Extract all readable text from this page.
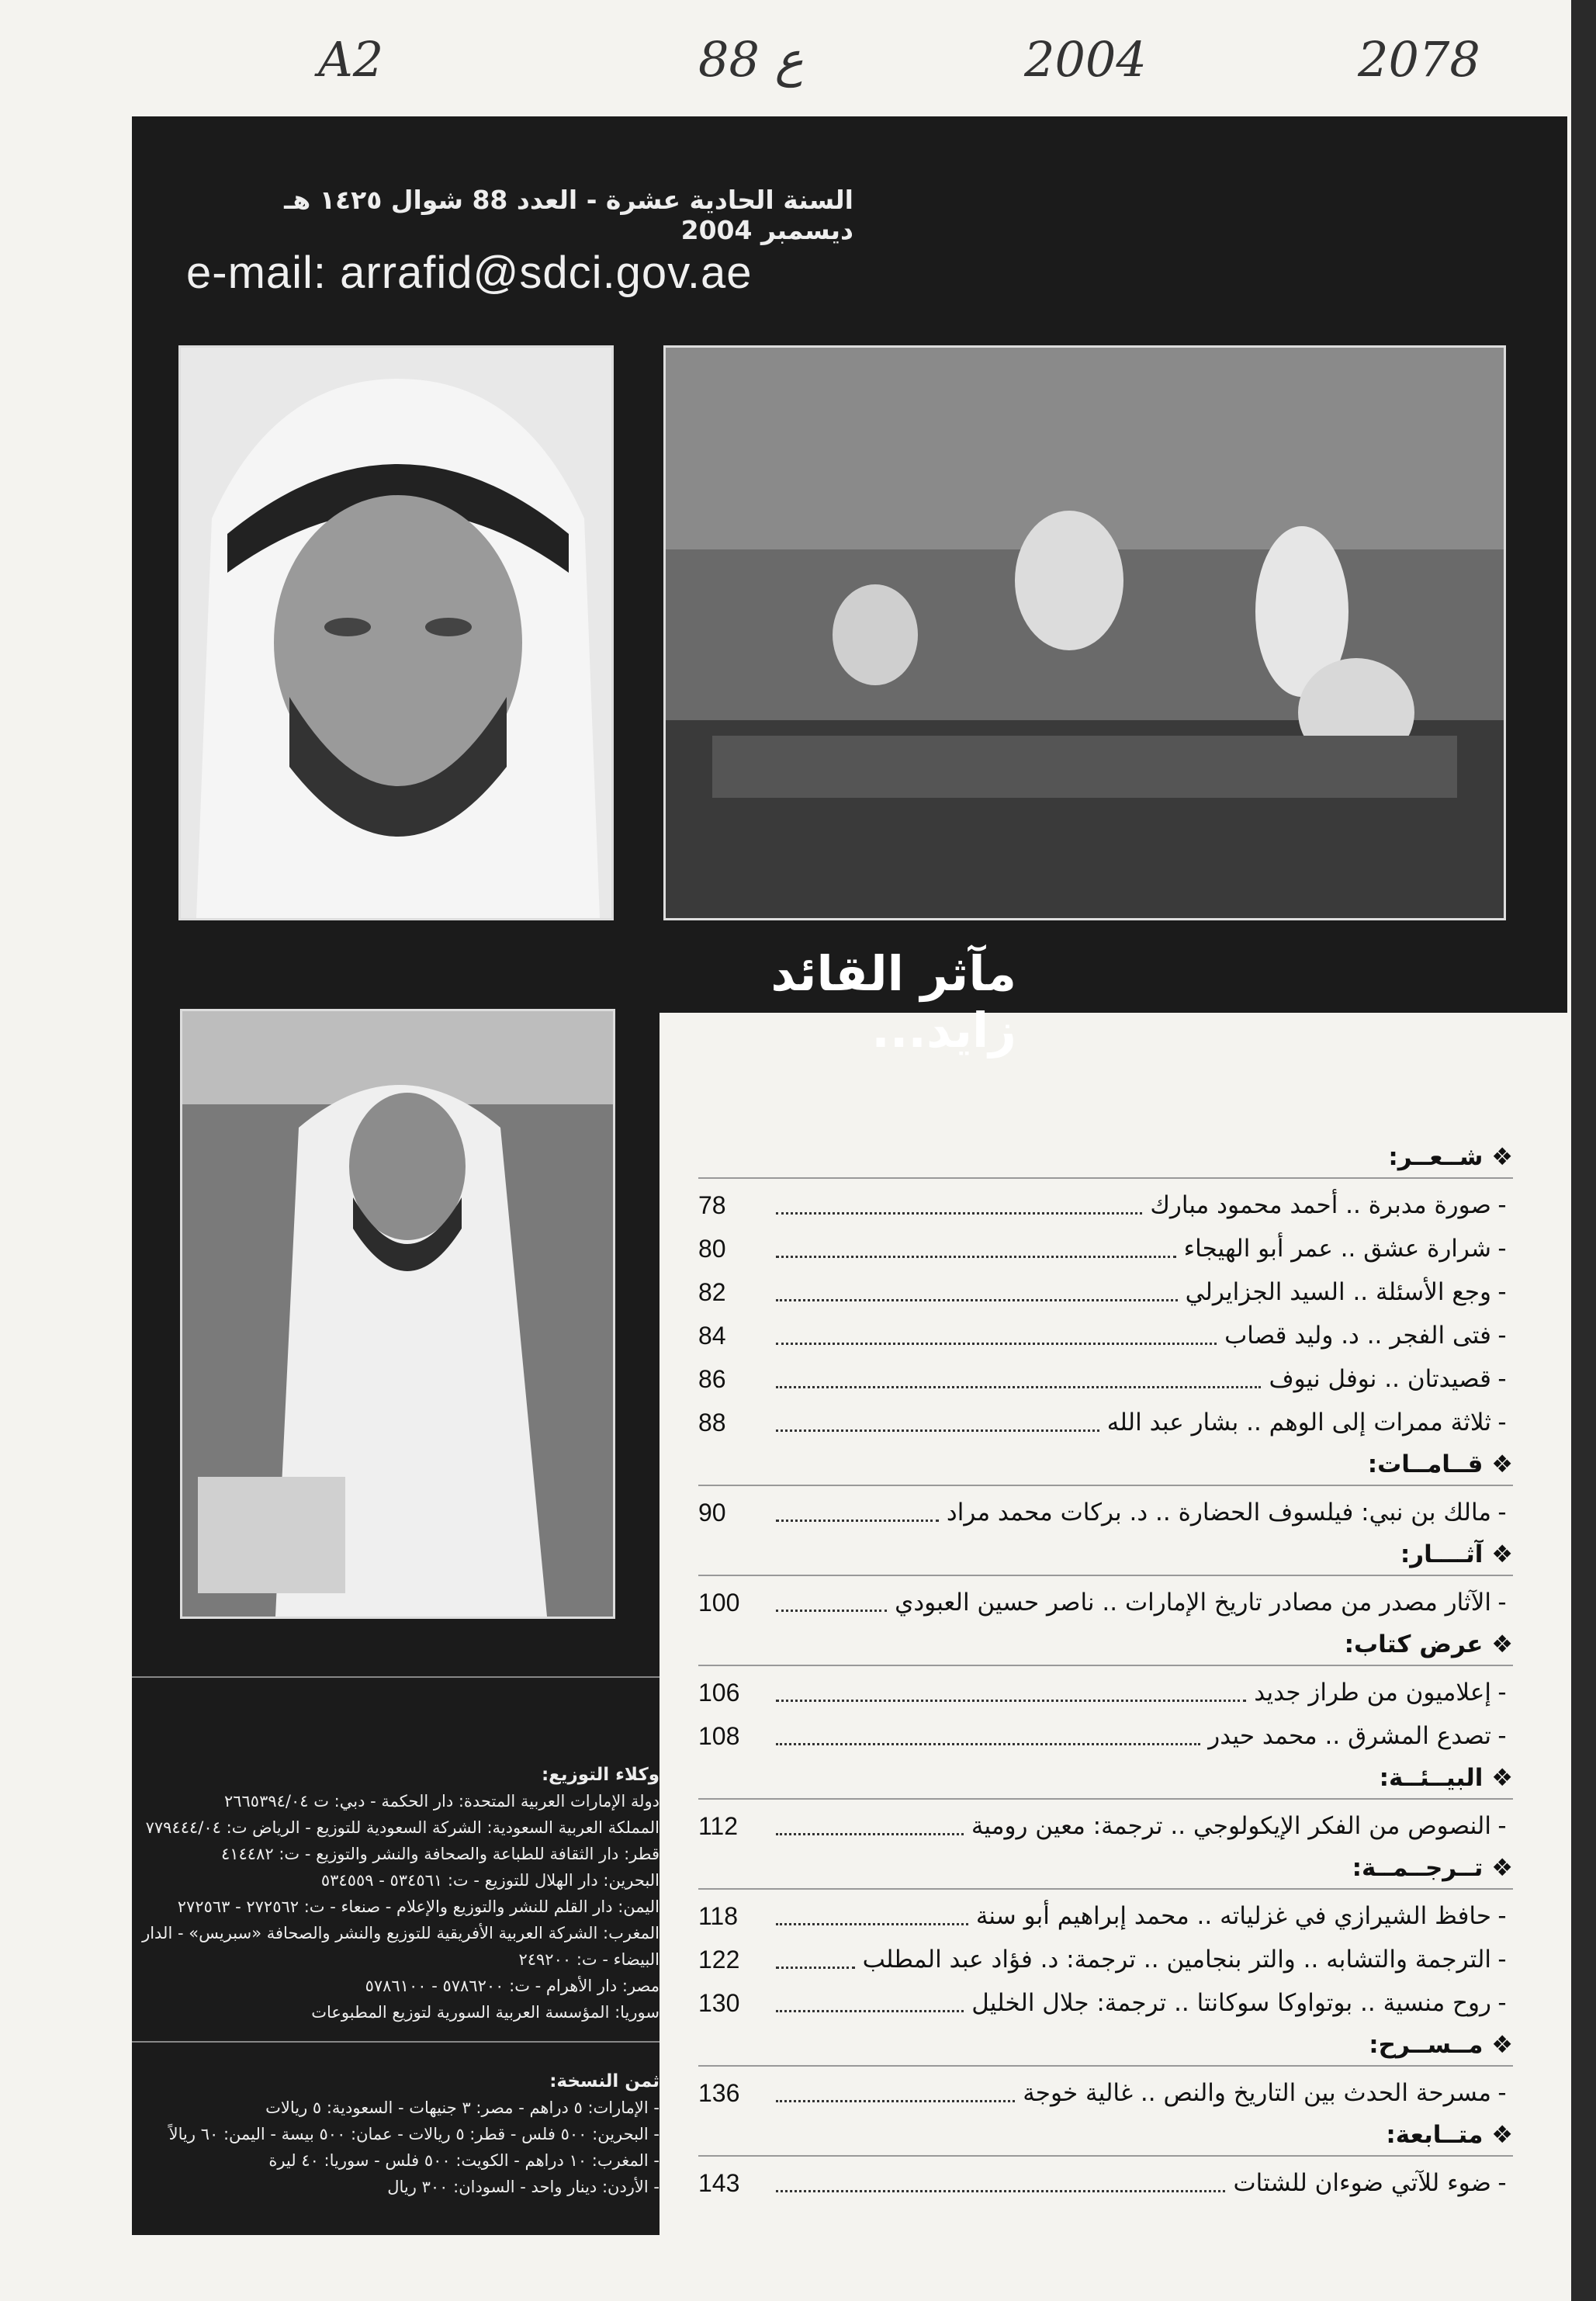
A2	88 ع	2004	2078
السنة الحادية عشرة - العدد 88 شوال ١٤٢٥ هـ ديسمبر 2004
e-mail: arrafid@sdci.gov.ae
مآثر القائد زايد...
وكلاء التوزيع:
دولة الإمارات العربية المتحدة: دار الحكمة - دبي: ت ٢٦٦٥٣٩٤/٠٤
المملكة العربية السعودية: الشركة السعودية للتوزيع - الرياض ت: ٧٧٩٤٤٤/٠٤
قطر: دار الثقافة للطباعة والصحافة والنشر والتوزيع - ت: ٤١٤٤٨٢
البحرين: دار الهلال للتوزيع - ت: ٥٣٤٥٦١ - ٥٣٤٥٥٩
اليمن: دار القلم للنشر والتوزيع والإعلام - صنعاء - ت: ٢٧٢٥٦٢ - ٢٧٢٥٦٣
المغرب: الشركة العربية الأفريقية للتوزيع والنشر والصحافة «سبريس» - الدار
البيضاء - ت: ٢٤٩٢٠٠
مصر: دار الأهرام - ت: ٥٧٨٦٢٠٠ - ٥٧٨٦١٠٠
سوريا: المؤسسة العربية السورية لتوزيع المطبوعات
ثمن النسخة:
- الإمارات: ٥ دراهم - مصر: ٣ جنيهات - السعودية: ٥ ريالات
- البحرين: ٥٠٠ فلس - قطر: ٥ ريالات - عمان: ٥٠٠ بيسة - اليمن: ٦٠ ريالاً
- المغرب: ١٠ دراهم - الكويت: ٥٠٠ فلس - سوريا: ٤٠ ليرة
- الأردن: دينار واحد - السودان: ٣٠٠ ريال
❖ شــعــر:
-
صورة مدبرة .. أحمد محمود مبارك
78
-
شرارة عشق .. عمر أبو الهيجاء
80
-
وجع الأسئلة .. السيد الجزايرلي
82
-
فتى الفجر .. د. وليد قصاب
84
-
قصيدتان .. نوفل نيوف
86
-
ثلاثة ممرات إلى الوهم .. بشار عبد الله
88
❖ قــامــات:
-
مالك بن نبي: فيلسوف الحضارة .. د. بركات محمد مراد
90
❖ آثــــار:
-
الآثار مصدر من مصادر تاريخ الإمارات .. ناصر حسين العبودي
100
❖ عرض كتاب:
-
إعلاميون من طراز جديد
106
-
تصدع المشرق .. محمد حيدر
108
❖ البيــئــة:
-
النصوص من الفكر الإيكولوجي .. ترجمة: معين رومية
112
❖ تــرجــمــة:
-
حافظ الشيرازي في غزلياته .. محمد إبراهيم أبو سنة
118
-
الترجمة والتشابه .. والتر بنجامين .. ترجمة: د. فؤاد عبد المطلب
122
-
روح منسية .. بوتواوكا سوكانتا .. ترجمة: جلال الخليل
130
❖ مــســرح:
-
مسرحة الحدث بين التاريخ والنص .. غالية خوجة
136
❖ متــابعة:
-
ضوء للآتي ضوءان للشتات
143
